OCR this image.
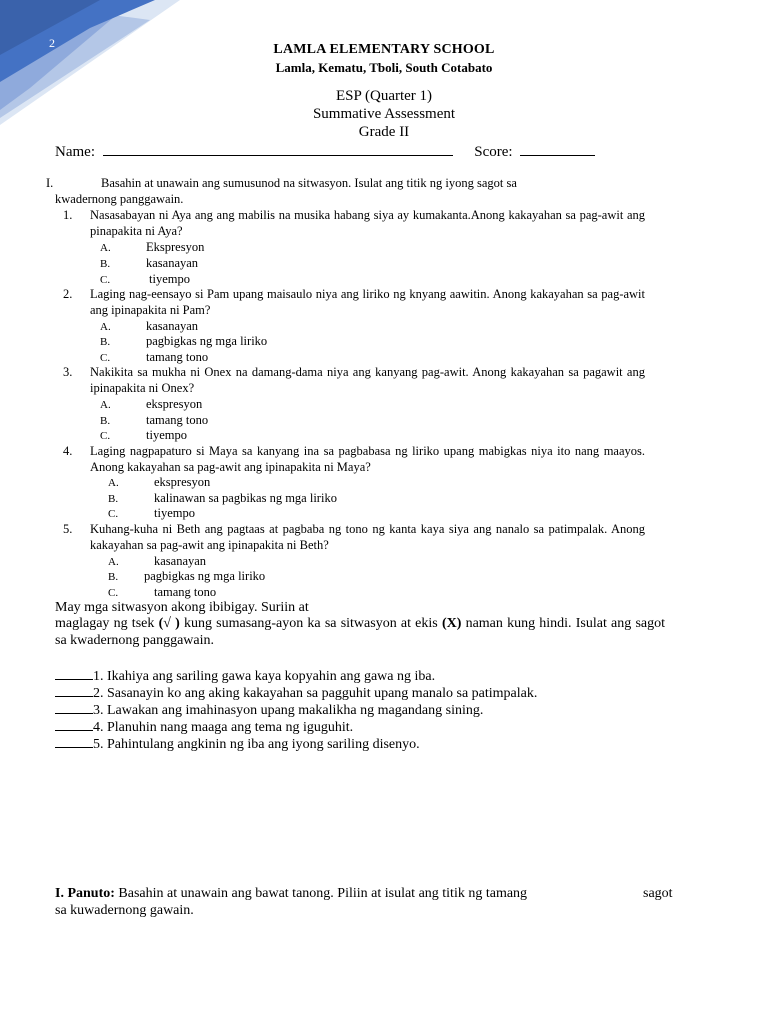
2	LAMLA ELEMENTARY SCHOOL
Lamla, Kematu, Tboli, South Cotabato
ESP (Quarter 1)
Summative Assessment
Grade II
Name:	Score:
I.	Basahin at unawain ang sumusunod na sitwasyon. Isulat ang titik ng iyong sagot sa
kwadernong panggawain.
1. Nasasabayan ni Aya ang ang mabilis na musika habang siya ay kumakanta.Anong kakayahan sa pag-awit ang pinapakita ni Aya?
A.	Ekspresyon
B.	kasanayan
C.	tiyempo
2. Laging nag-eensayo si Pam upang maisaulo niya ang liriko ng knyang aawitin. Anong kakayahan sa pag-awit ang ipinapakita ni Pam?
A.	kasanayan
B.	pagbigkas ng mga liriko
C.	tamang tono
3. Nakikita sa mukha ni Onex na damang-dama niya ang kanyang pag-awit. Anong kakayahan sa pagawit ang ipinapakita ni Onex?
A.	ekspresyon
B.	tamang tono
C.	tiyempo
4. Laging nagpapaturo si Maya sa kanyang ina sa pagbabasa ng liriko upang mabigkas niya ito nang maayos. Anong kakayahan sa pag-awit ang ipinapakita ni Maya?
A.	ekspresyon
B.	kalinawan sa pagbikas ng mga liriko
C.	tiyempo
5. Kuhang-kuha ni Beth ang pagtaas at pagbaba ng tono ng kanta kaya siya ang nanalo sa patimpalak. Anong kakayahan sa pag-awit ang ipinapakita ni Beth?
A.	kasanayan
B. pagbigkas ng mga liriko
C.	tamang tono
May mga sitwasyon akong ibibigay. Suriin at
maglagay ng tsek (√ ) kung sumasang-ayon ka sa sitwasyon at ekis (X) naman kung hindi. Isulat ang sagot sa kwadernong panggawain.
1. Ikahiya ang sariling gawa kaya kopyahin ang gawa ng iba.
2. Sasanayin ko ang aking kakayahan sa pagguhit upang manalo sa patimpalak.
3. Lawakan ang imahinasyon upang makalikha ng magandang sining.
4. Planuhin nang maaga ang tema ng iguguhit.
5. Pahintulang angkinin ng iba ang iyong sariling disenyo.
I. Panuto: Basahin at unawain ang bawat tanong. Piliin at isulat ang titik ng tamang	sagot

sa kuwadernong gawain.
